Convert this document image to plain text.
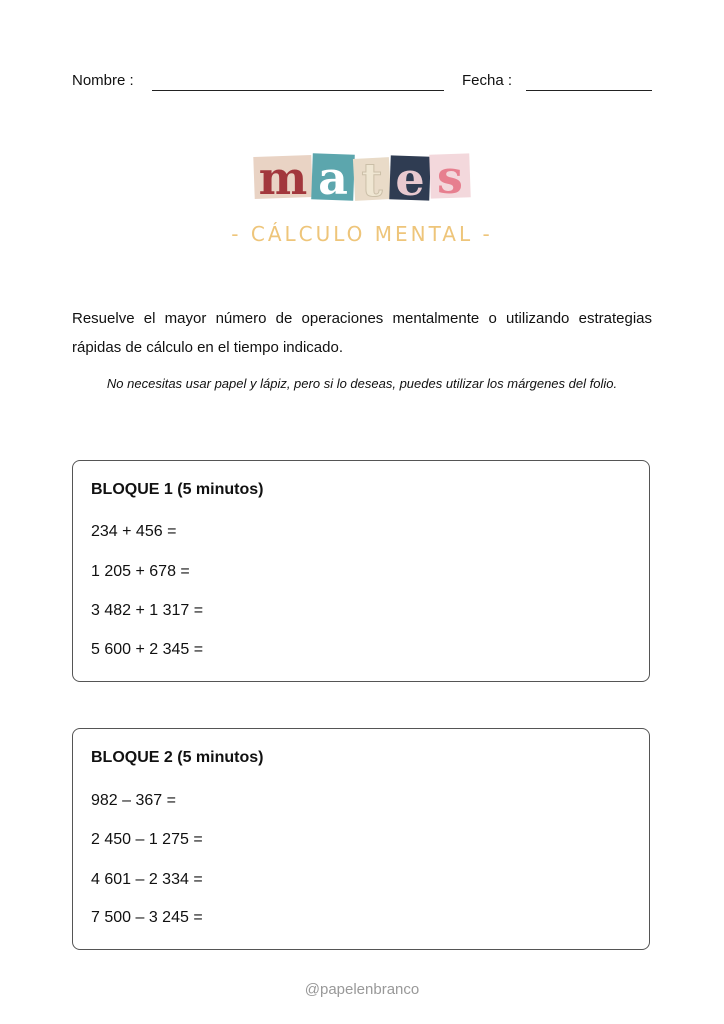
Nombre :	Fecha :
m a t e s
- CÁLCULO MENTAL -
Resuelve el mayor número de operaciones mentalmente o utilizando estrategias rápidas de cálculo en el tiempo indicado.
No necesitas usar papel y lápiz, pero si lo deseas, puedes utilizar los márgenes del folio.
BLOQUE 1 (5 minutos)
234 + 456 =
1 205 + 678 =
3 482 + 1 317 =
5 600 + 2 345 =
BLOQUE 2 (5 minutos)
982 – 367 =
2 450 – 1 275 =
4 601 – 2 334 =
7 500 – 3 245 =
@papelenbranco
